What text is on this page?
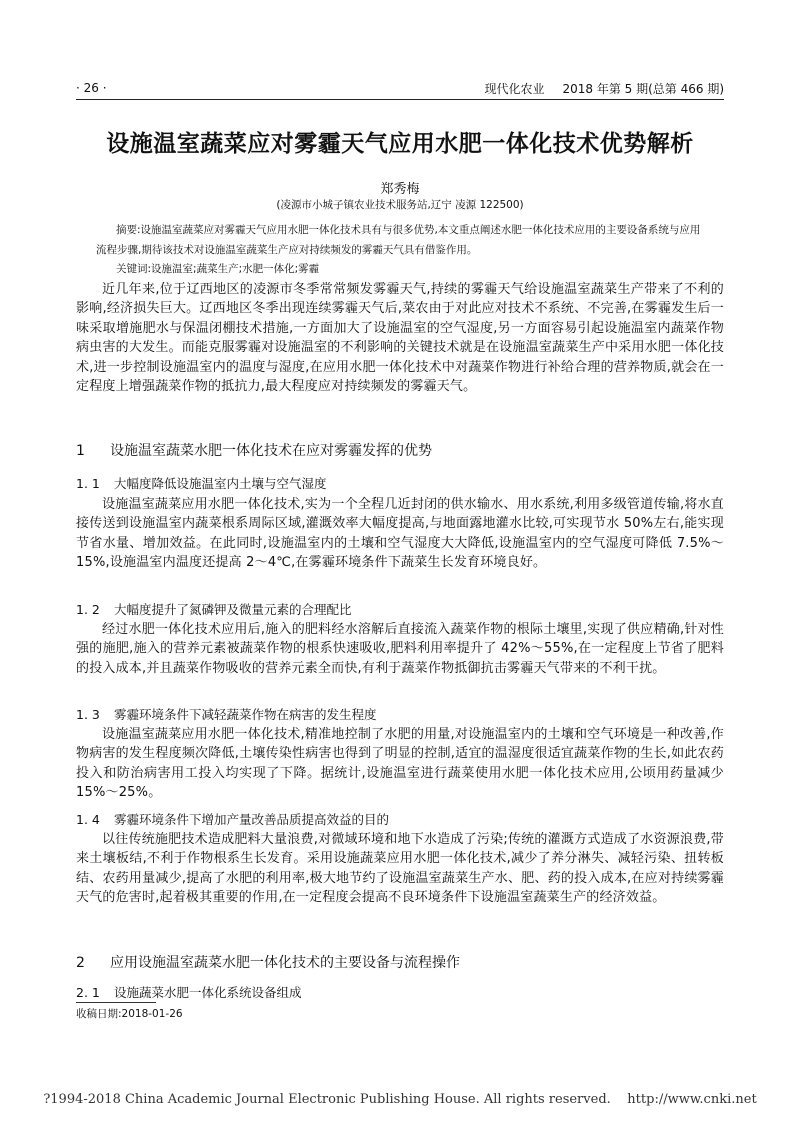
· 26 ·	现代化农业 2018 年第 5 期(总第 466 期)
设施温室蔬菜应对雾霾天气应用水肥一体化技术优势解析
郑秀梅
(凌源市小城子镇农业技术服务站,辽宁 凌源 122500)
摘要:设施温室蔬菜应对雾霾天气应用水肥一体化技术具有与很多优势,本文重点阐述水肥一体化技术应用的主要设备系统与应用流程步骤,期待该技术对设施温室蔬菜生产应对持续频发的雾霾天气具有借鉴作用。
关键词:设施温室;蔬菜生产;水肥一体化;雾霾

近几年来,位于辽西地区的凌源市冬季常常频发雾霾天气,持续的雾霾天气给设施温室蔬菜生产带来了不利的影响,经济损失巨大。辽西地区冬季出现连续雾霾天气后,菜农由于对此应对技术不系统、不完善,在雾霾发生后一味采取增施肥水与保温闭棚技术措施,一方面加大了设施温室的空气湿度,另一方面容易引起设施温室内蔬菜作物病虫害的大发生。而能克服雾霾对设施温室的不利影响的关键技术就是在设施温室蔬菜生产中采用水肥一体化技术,进一步控制设施温室内的温度与湿度,在应用水肥一体化技术中对蔬菜作物进行补给合理的营养物质,就会在一定程度上增强蔬菜作物的抵抗力,最大程度应对持续频发的雾霾天气。

1 设施温室蔬菜水肥一体化技术在应对雾霾发挥的优势
1. 1 大幅度降低设施温室内土壤与空气湿度

设施温室蔬菜应用水肥一体化技术,实为一个全程几近封闭的供水输水、用水系统,利用多级管道传输,将水直接传送到设施温室内蔬菜根系周际区域,灌溉效率大幅度提高,与地面露地灌水比较,可实现节水 50%左右,能实现节省水量、增加效益。在此同时,设施温室内的土壤和空气湿度大大降低,设施温室内的空气湿度可降低 7.5%～15%,设施温室内温度还提高 2～4℃,在雾霾环境条件下蔬菜生长发育环境良好。

1. 2 大幅度提升了氮磷钾及微量元素的合理配比

经过水肥一体化技术应用后,施入的肥料经水溶解后直接流入蔬菜作物的根际土壤里,实现了供应精确,针对性强的施肥,施入的营养元素被蔬菜作物的根系快速吸收,肥料利用率提升了 42%～55%,在一定程度上节省了肥料的投入成本,并且蔬菜作物吸收的营养元素全而快,有利于蔬菜作物抵御抗击雾霾天气带来的不利干扰。

1. 3 雾霾环境条件下减轻蔬菜作物在病害的发生程度

设施温室蔬菜应用水肥一体化技术,精准地控制了水肥的用量,对设施温室内的土壤和空气环境是一种改善,作物病害的发生程度频次降低,土壤传染性病害也得到了明显的控制,适宜的温湿度很适宜蔬菜作物的生长,如此农药投入和防治病害用工投入均实现了下降。据统计,设施温室进行蔬菜使用水肥一体化技术应用,公顷用药量减少 15%～25%。

1. 4 雾霾环境条件下增加产量改善品质提高效益的目的

以往传统施肥技术造成肥料大量浪费,对微域环境和地下水造成了污染;传统的灌溉方式造成了水资源浪费,带来土壤板结,不利于作物根系生长发育。采用设施蔬菜应用水肥一体化技术,减少了养分淋失、减轻污染、扭转板结、农药用量减少,提高了水肥的利用率,极大地节约了设施温室蔬菜生产水、肥、药的投入成本,在应对持续雾霾天气的危害时,起着极其重要的作用,在一定程度会提高不良环境条件下设施温室蔬菜生产的经济效益。

2 应用设施温室蔬菜水肥一体化技术的主要设备与流程操作
2. 1 设施蔬菜水肥一体化系统设备组成
收稿日期:2018-01-26
?1994-2018 China Academic Journal Electronic Publishing House. All rights reserved.    http://www.cnki.net
